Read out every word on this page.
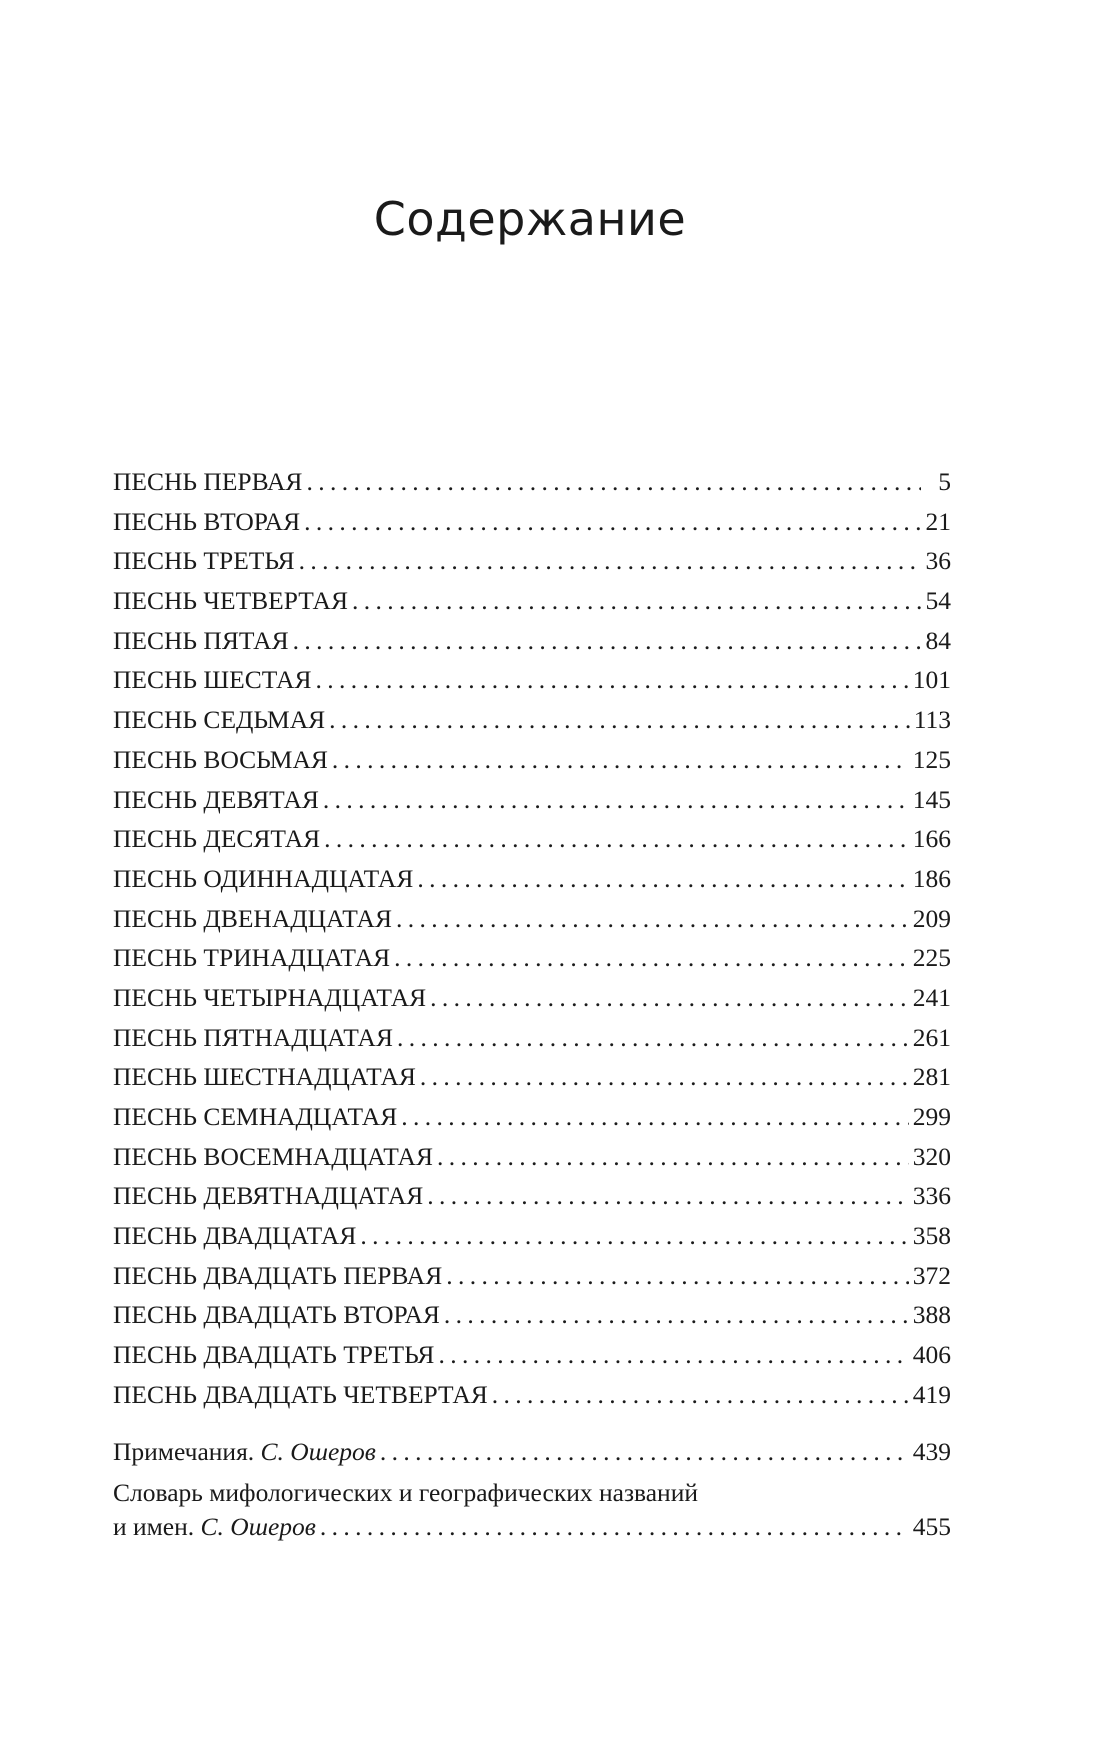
Содержание
ПЕСНЬ ПЕРВАЯ . . .	5
ПЕСНЬ ВТОРАЯ . . .	21
ПЕСНЬ ТРЕТЬЯ . . .	36
ПЕСНЬ ЧЕТВЕРТАЯ . . .	54
ПЕСНЬ ПЯТАЯ . . .	84
ПЕСНЬ ШЕСТАЯ . . .	101
ПЕСНЬ СЕДЬМАЯ . . .	113
ПЕСНЬ ВОСЬМАЯ . . .	125
ПЕСНЬ ДЕВЯТАЯ . . .	145
ПЕСНЬ ДЕСЯТАЯ . . .	166
ПЕСНЬ ОДИННАДЦАТАЯ . . .	186
ПЕСНЬ ДВЕНАДЦАТАЯ . . .	209
ПЕСНЬ ТРИНАДЦАТАЯ . . .	225
ПЕСНЬ ЧЕТЫРНАДЦАТАЯ . . .	241
ПЕСНЬ ПЯТНАДЦАТАЯ . . .	261
ПЕСНЬ ШЕСТНАДЦАТАЯ . . .	281
ПЕСНЬ СЕМНАДЦАТАЯ . . .	299
ПЕСНЬ ВОСЕМНАДЦАТАЯ . . .	320
ПЕСНЬ ДЕВЯТНАДЦАТАЯ . . .	336
ПЕСНЬ ДВАДЦАТАЯ . . .	358
ПЕСНЬ ДВАДЦАТЬ ПЕРВАЯ . . .	372
ПЕСНЬ ДВАДЦАТЬ ВТОРАЯ . . .	388
ПЕСНЬ ДВАДЦАТЬ ТРЕТЬЯ . . .	406
ПЕСНЬ ДВАДЦАТЬ ЧЕТВЕРТАЯ . . .	419
Примечания. С. Ошеров . . .	439
Словарь мифологических и географических названий
и имен. С. Ошеров . . .	455
